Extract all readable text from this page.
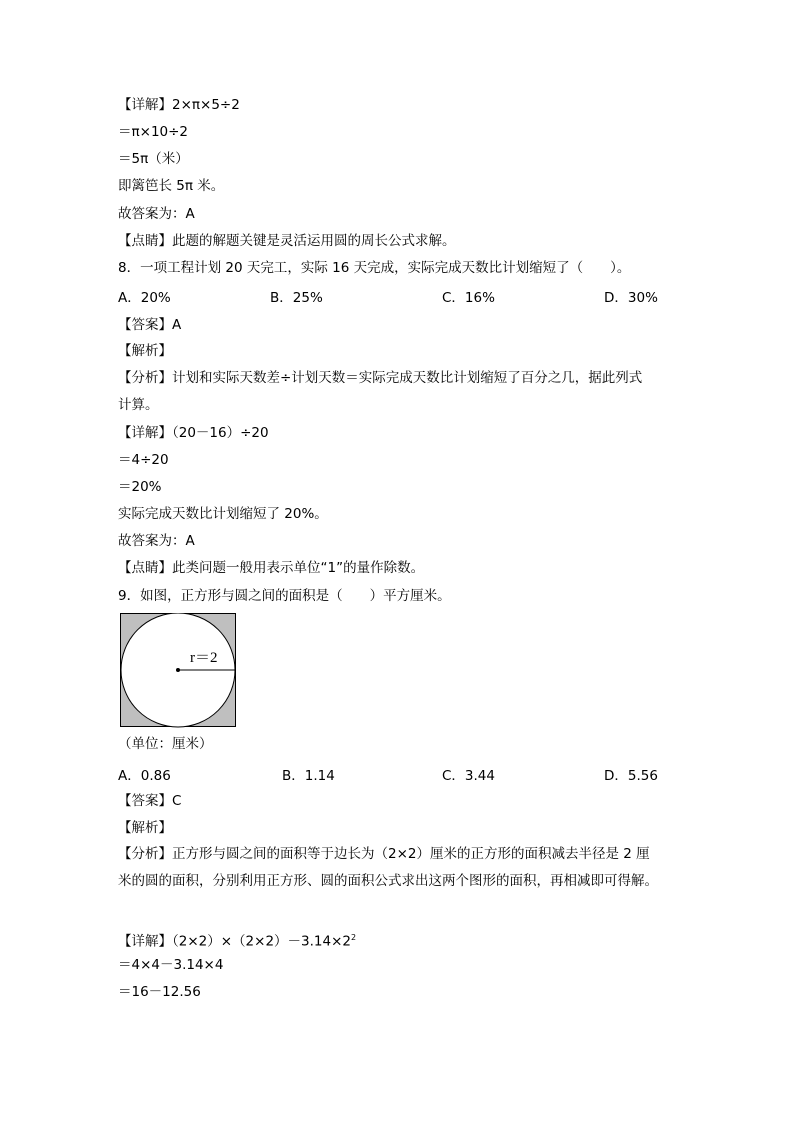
【详解】2×π×5÷2
＝π×10÷2
＝5π（米）
即篱笆长 5π 米。
故答案为：A
【点睛】此题的解题关键是灵活运用圆的周长公式求解。
8．一项工程计划 20 天完工，实际 16 天完成，实际完成天数比计划缩短了（　　）。
A．20%	B．25%	C．16%	D．30%
【答案】A
【解析】
【分析】计划和实际天数差÷计划天数＝实际完成天数比计划缩短了百分之几，据此列式
计算。
【详解】（20－16）÷20
＝4÷20
＝20%
实际完成天数比计划缩短了 20%。
故答案为：A
【点睛】此类问题一般用表示单位“1”的量作除数。
9．如图，正方形与圆之间的面积是（　　）平方厘米。
r＝2
（单位：厘米）
A．0.86	B．1.14	C．3.44	D．5.56
【答案】C
【解析】
【分析】正方形与圆之间的面积等于边长为（2×2）厘米的正方形的面积减去半径是 2 厘
米的圆的面积，分别利用正方形、圆的面积公式求出这两个图形的面积，再相减即可得解。
【详解】$(2\times 2)\times(2\times 2)-3.14\times 2^2$
＝4×4－3.14×4
＝16－12.56
